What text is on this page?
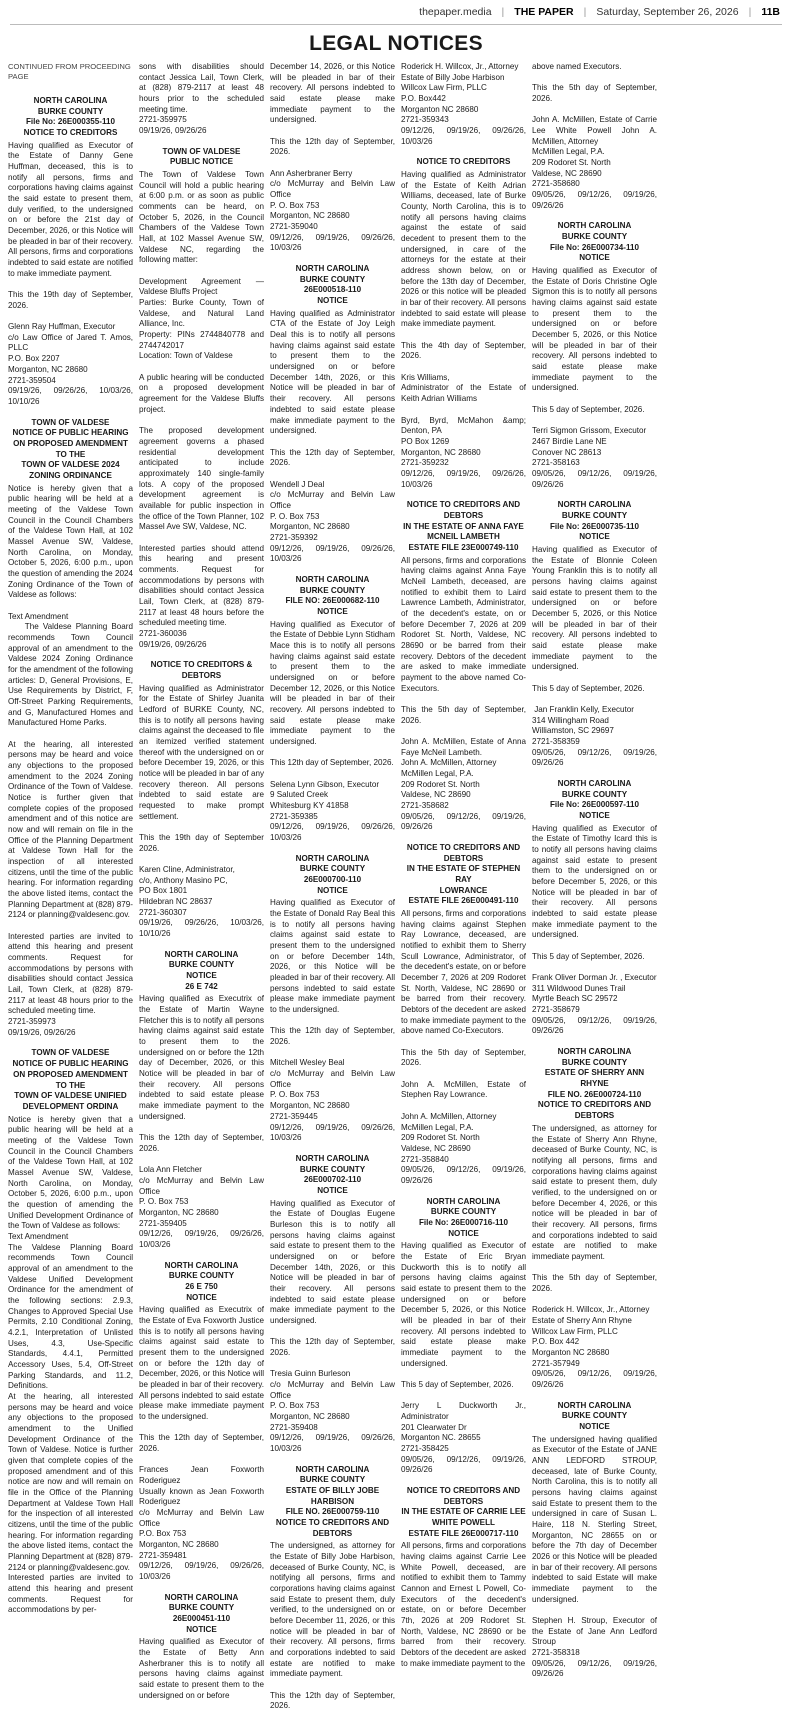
thepaper.media | THE PAPER | Saturday, September 26, 2026 | 11B
LEGAL NOTICES
CONTINUED FROM PROCEEDING PAGE
NORTH CAROLINA
BURKE COUNTY
File No: 26E000355-110
NOTICE TO CREDITORS
Having qualified as Executor of the Estate of Danny Gene Huffman, deceased, this is to notify all persons, firms and corporations having claims against the said estate to present them, duly verified, to the undersigned on or before the 21st day of December, 2026, or this Notice will be pleaded in bar of their recovery. All persons, firms and corporations indebted to said estate are notified to make immediate payment.

This the 19th day of September, 2026.

Glenn Ray Huffman, Executor
c/o Law Office of Jared T. Amos, PLLC
P.O. Box 2207
Morganton, NC 28680
2721-359504
09/19/26, 09/26/26, 10/03/26, 10/10/26
TOWN OF VALDESE
NOTICE OF PUBLIC HEARING
ON PROPOSED AMENDMENT
TO THE
TOWN OF VALDESE 2024
ZONING ORDINANCE
Notice is hereby given that a public hearing will be held at a meeting of the Valdese Town Council in the Council Chambers of the Valdese Town Hall, at 102 Massel Avenue SW, Valdese, North Carolina, on Monday, October 5, 2026, 6:00 p.m., upon the question of amending the 2024 Zoning Ordinance of the Town of Valdese as follows:

Text Amendment
The Valdese Planning Board recommends Town Council approval of an amendment to the Valdese 2024 Zoning Ordinance for the amendment of the following articles: D, General Provisions, E, Use Requirements by District, F, Off-Street Parking Requirements, and G, Manufactured Homes and Manufactured Home Parks.

At the hearing, all interested persons may be heard and voice any objections to the proposed amendment to the 2024 Zoning Ordinance of the Town of Valdese. Notice is further given that complete copies of the proposed amendment and of this notice are now and will remain on file in the Office of the Planning Department at Valdese Town Hall for the inspection of all interested citizens, until the time of the public hearing. For information regarding the above listed items, contact the Planning Department at (828) 879-2124 or planning@valdesenc.gov.

Interested parties are invited to attend this hearing and present comments. Request for accommodations by persons with disabilities should contact Jessica Lail, Town Clerk, at (828) 879-2117 at least 48 hours prior to the scheduled meeting time.
2721-359973
09/19/26, 09/26/26
TOWN OF VALDESE
NOTICE OF PUBLIC HEARING
ON PROPOSED AMENDMENT
TO THE
TOWN OF VALDESE UNIFIED
DEVELOPMENT ORDINA
Notice is hereby given that a public hearing will be held at a meeting of the Valdese Town Council in the Council Chambers of the Valdese Town Hall, at 102 Massel Avenue SW, Valdese, North Carolina, on Monday, October 5, 2026, 6:00 p.m., upon the question of amending the Unified Development Ordinance of the Town of Valdese as follows:
Text Amendment
The Valdese Planning Board recommends Town Council approval of an amendment to the Valdese Unified Development Ordinance for the amendment of the following sections: 2.9.3, Changes to Approved Special Use Permits, 2.10 Conditional Zoning, 4.2.1, Interpretation of Unlisted Uses, 4.3, Use-Specific Standards, 4.4.1, Permitted Accessory Uses, 5.4, Off-Street Parking Standards, and 11.2, Definitions.
At the hearing, all interested persons may be heard and voice any objections to the proposed amendment to the Unified Development Ordinance of the Town of Valdese. Notice is further given that complete copies of the proposed amendment and of this notice are now and will remain on file in the Office of the Planning Department at Valdese Town Hall for the inspection of all interested citizens, until the time of the public hearing. For information regarding the above listed items, contact the Planning Department at (828) 879-2124 or planning@valdesenc.gov.
Interested parties are invited to attend this hearing and present comments. Request for accommodations by per-
sons with disabilities should contact Jessica Lail, Town Clerk, at (828) 879-2117 at least 48 hours prior to the scheduled meeting time.
2721-359975
09/19/26, 09/26/26
TOWN OF VALDESE
PUBLIC NOTICE
The Town of Valdese Town Council will hold a public hearing at 6:00 p.m. or as soon as public comments can be heard, on October 5, 2026, in the Council Chambers of the Valdese Town Hall, at 102 Massel Avenue SW, Valdese NC, regarding the following matter:

Development Agreement — Valdese Bluffs Project
Parties: Burke County, Town of Valdese, and Natural Land Alliance, Inc.
Property: PINs 2744840778 and 2744742017
Location: Town of Valdese

A public hearing will be conducted on a proposed development agreement for the Valdese Bluffs project.

The proposed development agreement governs a phased residential development anticipated to include approximately 140 single-family lots. A copy of the proposed development agreement is available for public inspection in the office of the Town Planner, 102 Massel Ave SW, Valdese, NC.

Interested parties should attend this hearing and present comments. Request for accommodations by persons with disabilities should contact Jessica Lail, Town Clerk, at (828) 879-2117 at least 48 hours before the scheduled meeting time.
2721-360036
09/19/26, 09/26/26
NOTICE TO CREDITORS &
DEBTORS
Having qualified as Administrator for the Estate of Shirley Juanita Ledford of BURKE County, NC, this is to notify all persons having claims against the deceased to file an itemized verified statement thereof with the undersigned on or before December 19, 2026, or this notice will be pleaded in bar of any recovery thereon. All persons indebted to said estate are requested to make prompt settlement.

This the 19th day of September 2026.

Karen Cline, Administrator,
c/o, Anthony Masino PC,
PO Box 1801
Hildebran NC 28637
2721-360307
09/19/26, 09/26/26, 10/03/26, 10/10/26
NORTH CAROLINA
BURKE COUNTY
NOTICE
26 E 742
Having qualified as Executrix of the Estate of Martin Wayne Fletcher this is to notify all persons having claims against said estate to present them to the undersigned on or before the 12th day of December, 2026, or this Notice will be pleaded in bar of their recovery. All persons indebted to said estate please make immediate payment to the undersigned.

This the 12th day of September, 2026.

Lola Ann Fletcher
c/o McMurray and Belvin Law Office
P. O. Box 753
Morganton, NC 28680
2721-359405
09/12/26, 09/19/26, 09/26/26, 10/03/26
NORTH CAROLINA
BURKE COUNTY
26 E 750
NOTICE
Having qualified as Executrix of the Estate of Eva Foxworth Justice this is to notify all persons having claims against said estate to present them to the undersigned on or before the 12th day of December, 2026, or this Notice will be pleaded in bar of their recovery. All persons indebted to said estate please make immediate payment to the undersigned.

This the 12th day of September, 2026.

Frances Jean Foxworth Roderiguez
Usually known as Jean Foxworth Roderiguez
c/o McMurray and Belvin Law Office
P.O. Box 753
Morganton, NC 28680
2721-359481
09/12/26, 09/19/26, 09/26/26, 10/03/26
NORTH CAROLINA
BURKE COUNTY
26E000451-110
NOTICE
Having qualified as Executor of the Estate of Betty Ann Asherbraner this is to notify all persons having claims against said estate to present them to the undersigned on or before
December 14, 2026, or this Notice will be pleaded in bar of their recovery. All persons indebted to said estate please make immediate payment to the undersigned.

This the 12th day of September, 2026.

Ann Asherbraner Berry
c/o McMurray and Belvin Law Office
P. O. Box 753
Morganton, NC 28680
2721-359040
09/12/26, 09/19/26, 09/26/26, 10/03/26
NORTH CAROLINA
BURKE COUNTY
26E000518-110
NOTICE
Having qualified as Administrator CTA of the Estate of Joy Leigh Deal this is to notify all persons having claims against said estate to present them to the undersigned on or before December 14th, 2026, or this Notice will be pleaded in bar of their recovery. All persons indebted to said estate please make immediate payment to the undersigned.

This the 12th day of September, 2026.

Wendell J Deal
c/o McMurray and Belvin Law Office
P. O. Box 753
Morganton, NC 28680
2721-359392
09/12/26, 09/19/26, 09/26/26, 10/03/26
NORTH CAROLINA
BURKE COUNTY
FILE NO: 26E000682-110
NOTICE
Having qualified as Executor of the Estate of Debbie Lynn Stidham Mace this is to notify all persons having claims against said estate to present them to the undersigned on or before December 12, 2026, or this Notice will be pleaded in bar of their recovery. All persons indebted to said estate please make immediate payment to the undersigned.

This 12th day of September, 2026.

Selena Lynn Gibson, Executor
9 Saluted Creek
Whitesburg KY 41858
2721-359385
09/12/26, 09/19/26, 09/26/26, 10/03/26
NORTH CAROLINA
BURKE COUNTY
26E000700-110
NOTICE
Having qualified as Executor of the Estate of Donald Ray Beal this is to notify all persons having claims against said estate to present them to the undersigned on or before December 14th, 2026, or this Notice will be pleaded in bar of their recovery. All persons indebted to said estate please make immediate payment to the undersigned.

This the 12th day of September, 2026.

Mitchell Wesley Beal
c/o McMurray and Belvin Law Office
P. O. Box 753
Morganton, NC 28680
2721-359445
09/12/26, 09/19/26, 09/26/26, 10/03/26
NORTH CAROLINA
BURKE COUNTY
26E000702-110
NOTICE
Having qualified as Executor of the Estate of Douglas Eugene Burleson this is to notify all persons having claims against said estate to present them to the undersigned on or before December 14th, 2026, or this Notice will be pleaded in bar of their recovery. All persons indebted to said estate please make immediate payment to the undersigned.

This the 12th day of September, 2026.

Tresia Guinn Burleson
c/o McMurray and Belvin Law Office
P. O. Box 753
Morganton, NC 28680
2721-359408
09/12/26, 09/19/26, 09/26/26, 10/03/26
NORTH CAROLINA
BURKE COUNTY
ESTATE OF BILLY JOBE HARBISON
FILE NO. 26E000759-110
NOTICE TO CREDITORS AND
DEBTORS
The undersigned, as attorney for the Estate of Billy Jobe Harbison, deceased of Burke County, NC, is notifying all persons, firms and corporations having claims against said Estate to present them, duly verified, to the undersigned on or before December 11, 2026, or this notice will be pleaded in bar of their recovery. All persons, firms and corporations indebted to said estate are notified to make immediate payment.

This the 12th day of September, 2026.
Roderick H. Willcox, Jr., Attorney
Estate of Billy Jobe Harbison
Willcox Law Firm, PLLC
P.O. Box442
Morganton NC 28680
2721-359343
09/12/26, 09/19/26, 09/26/26, 10/03/26
NOTICE TO CREDITORS
Having qualified as Administrator of the Estate of Keith Adrian Williams, deceased, late of Burke County, North Carolina, this is to notify all persons having claims against the estate of said decedent to present them to the undersigned, in care of the attorneys for the estate at their address shown below, on or before the 13th day of December, 2026 or this notice will be pleaded in bar of their recovery. All persons indebted to said estate will please make immediate payment.

This the 4th day of September, 2026.

Kris Williams,
Administrator of the Estate of Keith Adrian Williams

Byrd, Byrd, McMahon &amp; Denton, PA
PO Box 1269
Morganton, NC 28680
2721-359232
09/12/26, 09/19/26, 09/26/26, 10/03/26
NOTICE TO CREDITORS AND
DEBTORS
IN THE ESTATE OF ANNA FAYE
MCNEIL LAMBETH
ESTATE FILE 23E000749-110
All persons, firms and corporations having claims against Anna Faye McNeil Lambeth, deceased, are notified to exhibit them to Laird Lawrence Lambeth, Administrator, of the decedent's estate, on or before December 7, 2026 at 209 Rodoret St. North, Valdese, NC 28690 or be barred from their recovery. Debtors of the decedent are asked to make immediate payment to the above named Co-Executors.

This the 5th day of September, 2026.

John A. McMillen, Estate of Anna Faye McNeil Lambeth.
John A. McMillen, Attorney
McMillen Legal, P.A.
209 Rodoret St. North
Valdese, NC 28690
2721-358682
09/05/26, 09/12/26, 09/19/26, 09/26/26
NOTICE TO CREDITORS AND
DEBTORS
IN THE ESTATE OF STEPHEN RAY
LOWRANCE
ESTATE FILE 26E000491-110
All persons, firms and corporations having claims against Stephen Ray Lowrance, deceased, are notified to exhibit them to Sherry Scull Lowrance, Administrator, of the decedent's estate, on or before December 7, 2026 at 209 Rodoret St. North, Valdese, NC 28690 or be barred from their recovery. Debtors of the decedent are asked to make immediate payment to the above named Co-Executors.

This the 5th day of September, 2026.

John A. McMillen, Estate of Stephen Ray Lowrance.

John A. McMillen, Attorney
McMillen Legal, P.A.
209 Rodoret St. North
Valdese, NC 28690
2721-358840
09/05/26, 09/12/26, 09/19/26, 09/26/26
NORTH CAROLINA
BURKE COUNTY
File No: 26E000716-110
NOTICE
Having qualified as Executor of the Estate of Eric Bryan Duckworth this is to notify all persons having claims against said estate to present them to the undersigned on or before December 5, 2026, or this Notice will be pleaded in bar of their recovery. All persons indebted to said estate please make immediate payment to the undersigned.

This 5 day of September, 2026.

Jerry L Duckworth Jr., Administrator
201 Clearwater Dr
Morganton NC. 28655
2721-358425
09/05/26, 09/12/26, 09/19/26, 09/26/26
NOTICE TO CREDITORS AND
DEBTORS
IN THE ESTATE OF CARRIE LEE
WHITE POWELL
ESTATE FILE 26E000717-110
All persons, firms and corporations having claims against Carrie Lee White Powell, deceased, are notified to exhibit them to Tammy Cannon and Ernest L Powell, Co-Executors of the decedent's estate, on or before December 7th, 2026 at 209 Rodoret St. North, Valdese, NC 28690 or be barred from their recovery. Debtors of the decedent are asked to make immediate payment to the
above named Executors.

This the 5th day of September, 2026.

John A. McMillen, Estate of Carrie Lee White Powell John A. McMillen, Attorney
McMillen Legal, P.A.
209 Rodoret St. North
Valdese, NC 28690
2721-358680
09/05/26, 09/12/26, 09/19/26, 09/26/26
NORTH CAROLINA
BURKE COUNTY
File No: 26E000734-110
NOTICE
Having qualified as Executor of the Estate of Doris Christine Ogle Sigmon this is to notify all persons having claims against said estate to present them to the undersigned on or before December 5, 2026, or this Notice will be pleaded in bar of their recovery. All persons indebted to said estate please make immediate payment to the undersigned.

This 5 day of September, 2026.

Terri Sigmon Grissom, Executor
2467 Birdie Lane NE
Conover NC 28613
2721-358163
09/05/26, 09/12/26, 09/19/26, 09/26/26
NORTH CAROLINA
BURKE COUNTY
File No: 26E000735-110
NOTICE
Having qualified as Executor of the Estate of Blonnie Coleen Young Franklin this is to notify all persons having claims against said estate to present them to the undersigned on or before December 5, 2026, or this Notice will be pleaded in bar of their recovery. All persons indebted to said estate please make immediate payment to the undersigned.

This 5 day of September, 2026.

Jan Franklin Kelly, Executor
314 Willingham Road
Williamston, SC 29697
2721-358359
09/05/26, 09/12/26, 09/19/26, 09/26/26
NORTH CAROLINA
BURKE COUNTY
File No: 26E000597-110
NOTICE
Having qualified as Executor of the Estate of Timothy Icard this is to notify all persons having claims against said estate to present them to the undersigned on or before December 5, 2026, or this Notice will be pleaded in bar of their recovery. All persons indebted to said estate please make immediate payment to the undersigned.

This 5 day of September, 2026.

Frank Oliver Dorman Jr. , Executor
311 Wildwood Dunes Trail
Myrtle Beach SC 29572
2721-358679
09/05/26, 09/12/26, 09/19/26, 09/26/26
NORTH CAROLINA
BURKE COUNTY
ESTATE OF SHERRY ANN RHYNE
FILE NO. 26E000724-110
NOTICE TO CREDITORS AND
DEBTORS
The undersigned, as attorney for the Estate of Sherry Ann Rhyne, deceased of Burke County, NC, is notifying all persons, firms and corporations having claims against said estate to present them, duly verified, to the undersigned on or before December 4, 2026, or this notice will be pleaded in bar of their recovery. All persons, firms and corporations indebted to said estate are notified to make immediate payment.

This the 5th day of September, 2026.

Roderick H. Willcox, Jr., Attorney
Estate of Sherry Ann Rhyne
Willcox Law Firm, PLLC
P.O. Box 442
Morganton NC 28680
2721-357949
09/05/26, 09/12/26, 09/19/26, 09/26/26
NORTH CAROLINA
BURKE COUNTY
NOTICE
The undersigned having qualified as Executor of the Estate of JANE ANN LEDFORD STROUP, deceased, late of Burke County, North Carolina, this is to notify all persons having claims against said Estate to present them to the undersigned in care of Susan L. Haire, 118 N. Sterling Street, Morganton, NC 28655 on or before the 7th day of December 2026 or this Notice will be pleaded in bar of their recovery. All persons indebted to said Estate will make immediate payment to the undersigned.

Stephen H. Stroup, Executor of the Estate of Jane Ann Ledford Stroup
2721-358318
09/05/26, 09/12/26, 09/19/26, 09/26/26
